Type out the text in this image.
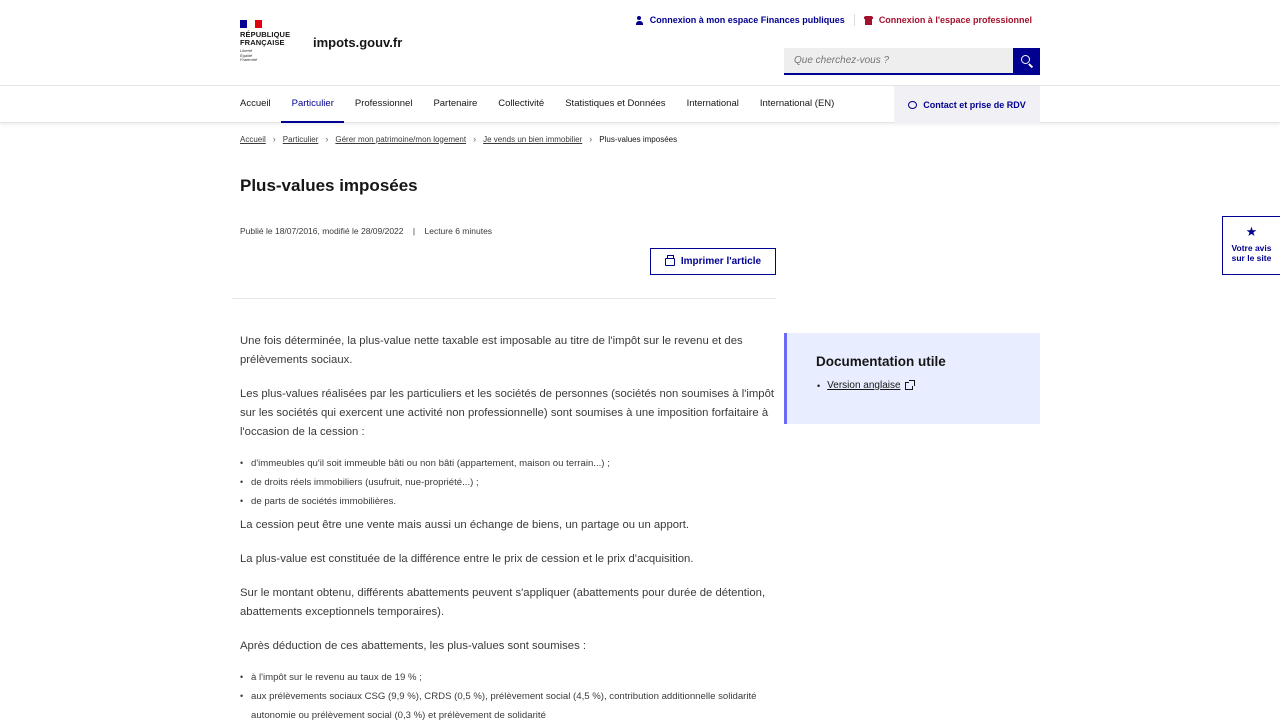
RÉPUBLIQUE
FRANÇAISE
Liberté
Égalité
Fraternité
impots.gouv.fr
Connexion à mon espace Finances publiques	Connexion à l'espace professionnel
Que cherchez-vous ?
Accueil	Particulier	Professionnel	Partenaire	Collectivité	Statistiques et Données	International	International (EN)	Contact et prise de RDV
Accueil › Particulier › Gérer mon patrimoine/mon logement › Je vends un bien immobilier › Plus-values imposées
Plus-values imposées
Publié le 18/07/2016, modifié le 28/09/2022 | Lecture 6 minutes
Imprimer l'article

Une fois déterminée, la plus-value nette taxable est imposable au titre de l'impôt sur le revenu et des prélèvements sociaux.

Les plus-values réalisées par les particuliers et les sociétés de personnes (sociétés non soumises à l'impôt sur les sociétés qui exercent une activité non professionnelle) sont soumises à une imposition forfaitaire à l'occasion de la cession :

• d'immeubles qu'il soit immeuble bâti ou non bâti (appartement, maison ou terrain...) ;
• de droits réels immobiliers (usufruit, nue-propriété...) ;
• de parts de sociétés immobilières.

La cession peut être une vente mais aussi un échange de biens, un partage ou un apport.

La plus-value est constituée de la différence entre le prix de cession et le prix d'acquisition.

Sur le montant obtenu, différents abattements peuvent s'appliquer (abattements pour durée de détention, abattements exceptionnels temporaires).

Après déduction de ces abattements, les plus-values sont soumises :

• à l'impôt sur le revenu au taux de 19 % ;
• aux prélèvements sociaux CSG (9,9 %), CRDS (0,5 %), prélèvement social (4,5 %), contribution additionnelle solidarité autonomie ou prélèvement social (0,3 %) et prélèvement de solidarité
Documentation utile
• Version anglaise
★
Votre avis
sur le site
